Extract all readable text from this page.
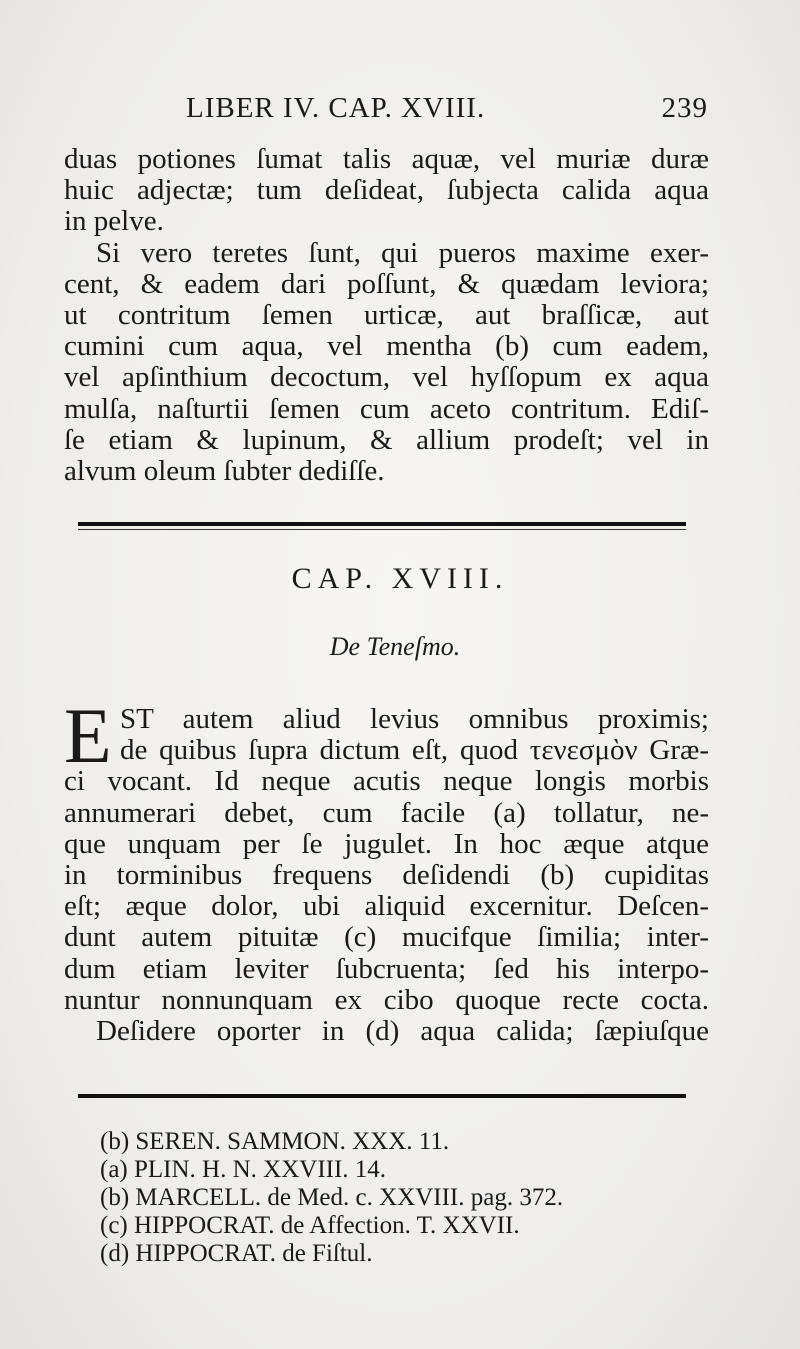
LIBER IV. CAP. XVIII.	239
duas potiones ſumat talis aquæ, vel muriæ duræ
huic adjectæ; tum deſideat, ſubjecta calida aqua
in pelve.
Si vero teretes ſunt, qui pueros maxime exer-
cent, & eadem dari poſſunt, & quædam leviora;
ut contritum ſemen urticæ, aut braſſicæ, aut
cumini cum aqua, vel mentha (b) cum eadem,
vel apſinthium decoctum, vel hyſſopum ex aqua
mulſa, naſturtii ſemen cum aceto contritum. Ediſ-
ſe etiam & lupinum, & allium prodeſt; vel in
alvum oleum ſubter dediſſe.
CAP. XVIII.
De Teneſmo.
E ST autem aliud levius omnibus proximis;
de quibus ſupra dictum eſt, quod τενεσμὸν Græ-
ci vocant. Id neque acutis neque longis morbis
annumerari debet, cum facile (a) tollatur, ne-
que unquam per ſe jugulet. In hoc æque atque
in torminibus frequens deſidendi (b) cupiditas
eſt; æque dolor, ubi aliquid excernitur. Deſcen-
dunt autem pituitæ (c) mucifque ſimilia; inter-
dum etiam leviter ſubcruenta; ſed his interpo-
nuntur nonnunquam ex cibo quoque recte cocta.
Deſidere oporter in (d) aqua calida; ſæpiuſque
(b) SEREN. SAMMON. XXX. 11.
(a) PLIN. H. N. XXVIII. 14.
(b) MARCELL. de Med. c. XXVIII. pag. 372.
(c) HIPPOCRAT. de Affection. T. XXVII.
(d) HIPPOCRAT. de Fiſtul.
